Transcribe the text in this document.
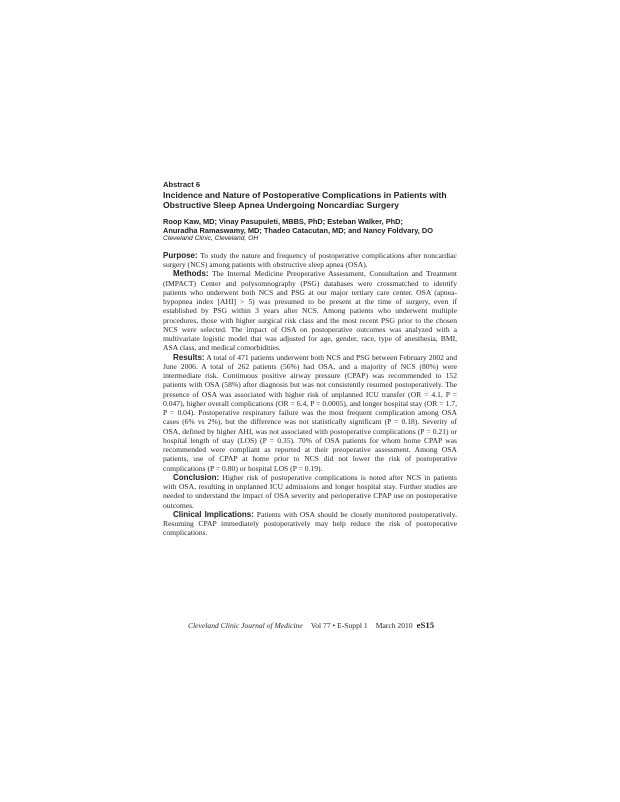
Abstract 6

Incidence and Nature of Postoperative Complications in Patients with Obstructive Sleep Apnea Undergoing Noncardiac Surgery

Roop Kaw, MD; Vinay Pasupuleti, MBBS, PhD; Esteban Walker, PhD;

Anuradha Ramaswamy, MD; Thadeo Catacutan, MD; and Nancy Foldvary, DO

Cleveland Clinic, Cleveland, OH

Purpose: To study the nature and frequency of postoperative complications after noncardiac surgery (NCS) among patients with obstructive sleep apnea (OSA).

Methods: The Internal Medicine Preoperative Assessment, Consultation and Treatment (IMPACT) Center and polysomnography (PSG) databases were crossmatched to identify patients who underwent both NCS and PSG at our major tertiary care center. OSA (apnea-hypopnea index [AHI] > 5) was presumed to be present at the time of surgery, even if established by PSG within 3 years after NCS. Among patients who underwent multiple procedures, those with higher surgical risk class and the most recent PSG prior to the chosen NCS were selected. The impact of OSA on postoperative outcomes was analyzed with a multivariate logistic model that was adjusted for age, gender, race, type of anesthesia, BMI, ASA class, and medical comorbidities.

Results: A total of 471 patients underwent both NCS and PSG between February 2002 and June 2006. A total of 262 patients (56%) had OSA, and a majority of NCS (80%) were intermediate risk. Continuous positive airway pressure (CPAP) was recommended to 152 patients with OSA (58%) after diagnosis but was not consistently resumed postoperatively. The presence of OSA was associated with higher risk of unplanned ICU transfer (OR = 4.1, P = 0.047), higher overall complications (OR = 6.4, P = 0.0005), and longer hospital stay (OR = 1.7, P = 0.04). Postoperative respiratory failure was the most frequent complication among OSA cases (6% vs 2%), but the difference was not statistically significant (P = 0.18). Severity of OSA, defined by higher AHI, was not associated with postoperative complications (P = 0.21) or hospital length of stay (LOS) (P = 0.35). 70% of OSA patients for whom home CPAP was recommended were compliant as reported at their preoperative assessment. Among OSA patients, use of CPAP at home prior to NCS did not lower the risk of postoperative complications (P = 0.80) or hospital LOS (P = 0.19).

Conclusion: Higher risk of postoperative complications is noted after NCS in patients with OSA, resulting in unplanned ICU admissions and longer hospital stay. Further studies are needed to understand the impact of OSA severity and perioperative CPAP use on postoperative outcomes.

Clinical Implications: Patients with OSA should be closely monitored postoperatively. Resuming CPAP immediately postoperatively may help reduce the risk of postoperative complications.

Cleveland Clinic Journal of Medicine Vol 77 • E-Suppl 1 March 2010 eS15
